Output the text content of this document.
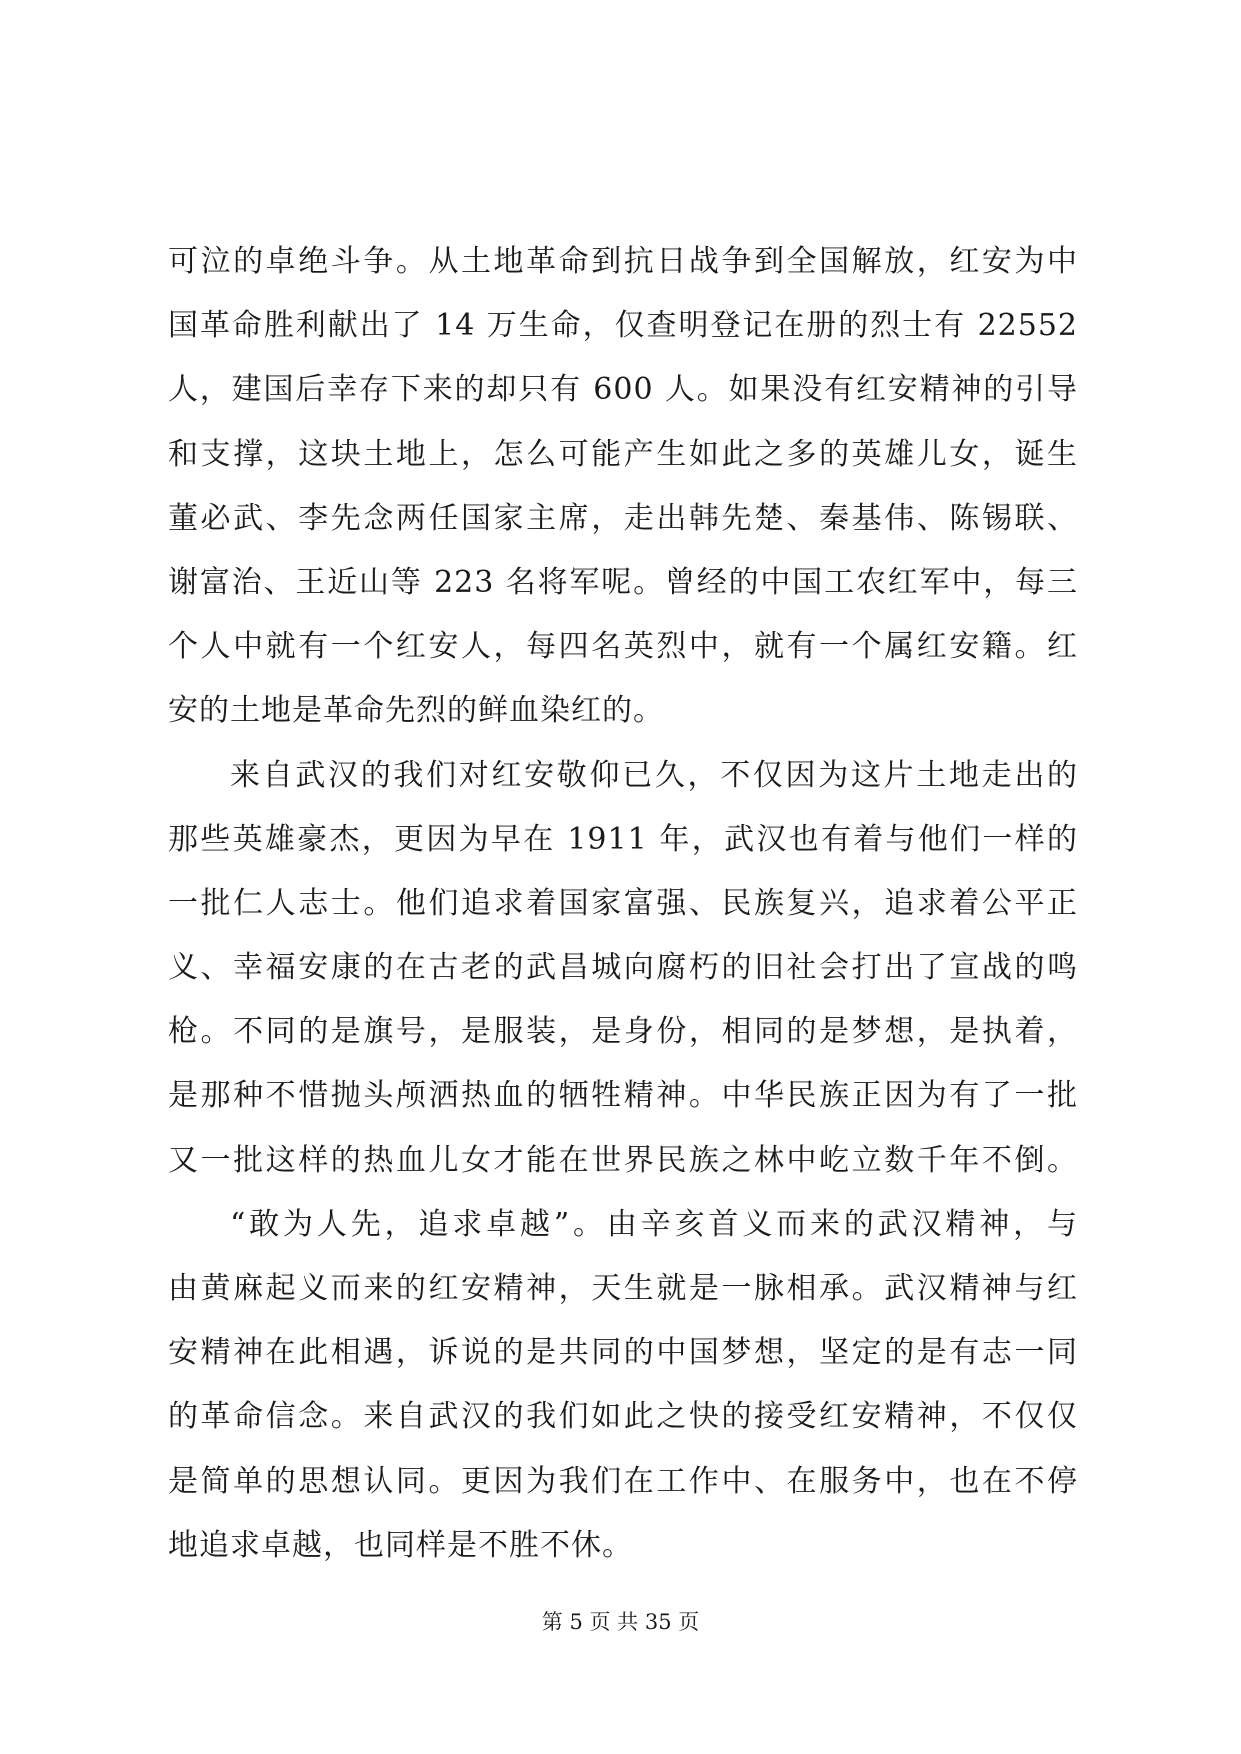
可泣的卓绝斗争。从土地革命到抗日战争到全国解放，红安为中
国革命胜利献出了 14 万生命，仅查明登记在册的烈士有 22552
人，建国后幸存下来的却只有 600 人。如果没有红安精神的引导
和支撑，这块土地上，怎么可能产生如此之多的英雄儿女，诞生
董必武、李先念两任国家主席，走出韩先楚、秦基伟、陈锡联、
谢富治、王近山等 223 名将军呢。曾经的中国工农红军中，每三
个人中就有一个红安人，每四名英烈中，就有一个属红安籍。红
安的土地是革命先烈的鲜血染红的。
来自武汉的我们对红安敬仰已久，不仅因为这片土地走出的
那些英雄豪杰，更因为早在 1911 年，武汉也有着与他们一样的
一批仁人志士。他们追求着国家富强、民族复兴，追求着公平正
义、幸福安康的在古老的武昌城向腐朽的旧社会打出了宣战的鸣
枪。不同的是旗号，是服装，是身份，相同的是梦想，是执着，
是那种不惜抛头颅洒热血的牺牲精神。中华民族正因为有了一批
又一批这样的热血儿女才能在世界民族之林中屹立数千年不倒。
“敢为人先，追求卓越”。由辛亥首义而来的武汉精神，与
由黄麻起义而来的红安精神，天生就是一脉相承。武汉精神与红
安精神在此相遇，诉说的是共同的中国梦想，坚定的是有志一同
的革命信念。来自武汉的我们如此之快的接受红安精神，不仅仅
是简单的思想认同。更因为我们在工作中、在服务中，也在不停
地追求卓越，也同样是不胜不休。
第 5 页 共 35 页
